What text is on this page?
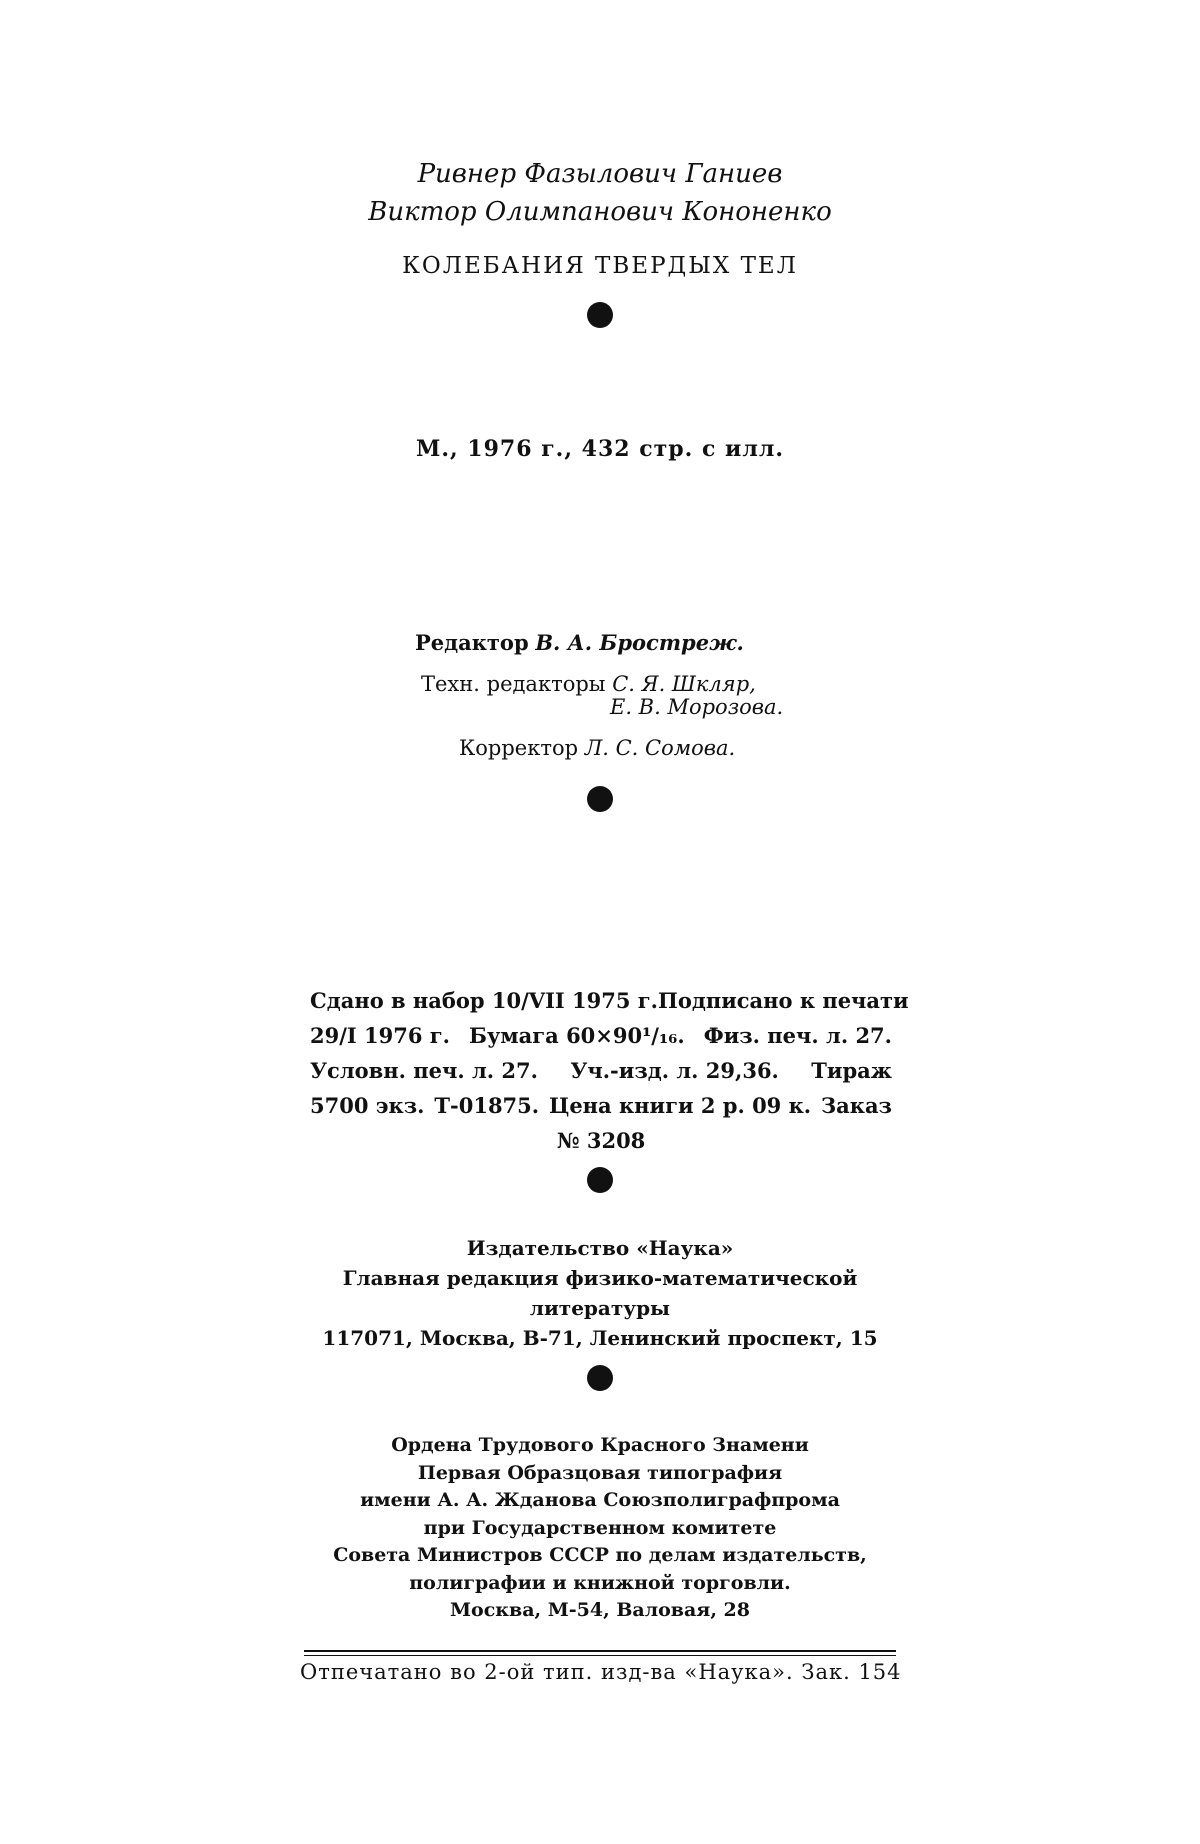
Ривнер Фазылович Ганиев
Виктор Олимпанович Кононенко
КОЛЕБАНИЯ ТВЕРДЫХ ТЕЛ
М., 1976 г., 432 стр. с илл.
Редактор В. А. Бростреж.
Техн. редакторы С. Я. Шкляр,
Е. В. Морозова.
Корректор Л. С. Сомова.
Сдано в набор 10/VII 1975 г. Подписано к печати
29/I 1976 г. Бумага 60×90¹/₁₆. Физ. печ. л. 27.
Условн. печ. л. 27. Уч.-изд. л. 29,36. Тираж
5700 экз. Т-01875. Цена книги 2 р. 09 к. Заказ
№ 3208
Издательство «Наука»
Главная редакция физико-математической
литературы
117071, Москва, В-71, Ленинский проспект, 15
Ордена Трудового Красного Знамени
Первая Образцовая типография
имени А. А. Жданова Союзполиграфпрома
при Государственном комитете
Совета Министров СССР по делам издательств,
полиграфии и книжной торговли.
Москва, М-54, Валовая, 28
Отпечатано во 2-ой тип. изд-ва «Наука». Зак. 154
